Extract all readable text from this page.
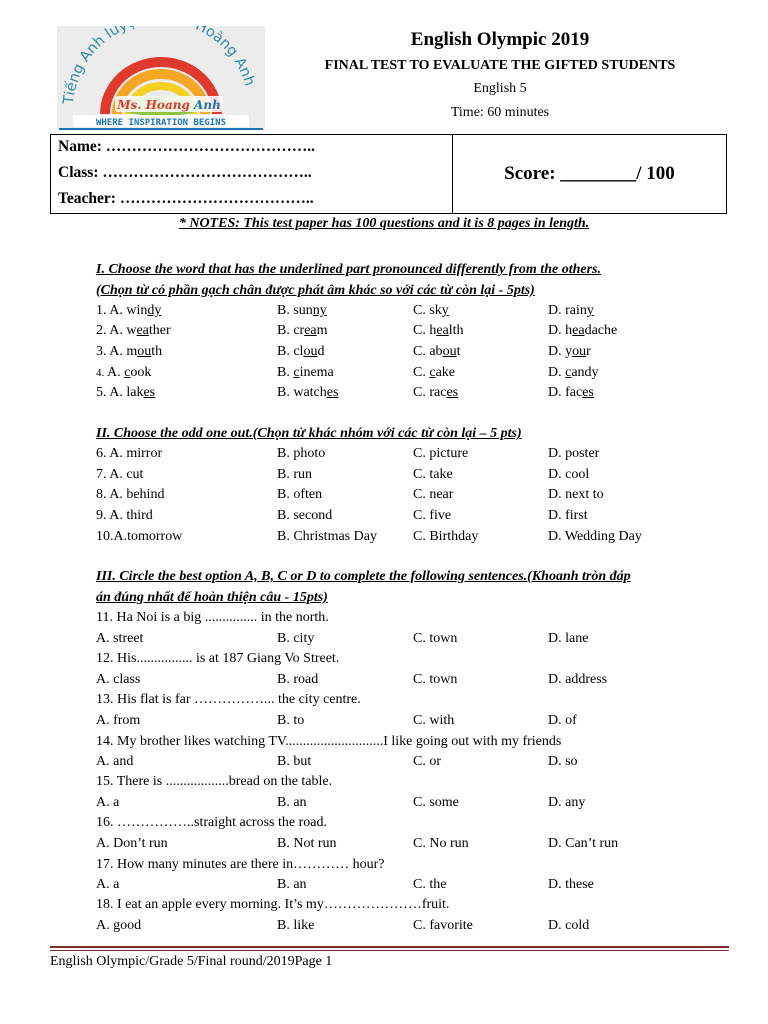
Tiếng Anh luy Hoàng Anh
Ms. Hoang Anh
WHERE INSPIRATION BEGINS
English Olympic 2019
FINAL TEST TO EVALUATE THE GIFTED STUDENTS
English 5
Time: 60 minutes
Name: …………………………………..
Class: …………………………………..
Teacher: ………………………………..
Score: ________/ 100
* NOTES: This test paper has 100 questions and it is 8 pages in length.
I. Choose the word that has the underlined part pronounced differently from the others.
(Chọn từ có phần gạch chân được phát âm khác so với các từ còn lại - 5pts)
1. A. windy	B. sunny	C. sky	D. rainy
2. A. weather	B. cream	C. health	D. headache
3. A. mouth	B. cloud	C. about	D. your
4. A. cook	B. cinema	C. cake	D. candy
5. A. lakes	B. watches	C. races	D. faces
II. Choose the odd one out.(Chọn từ khác nhóm với các từ còn lại – 5 pts)
6. A. mirror	B. photo	C. picture	D. poster
7. A. cut	B. run	C. take	D. cool
8. A. behind	B. often	C. near	D. next to
9. A. third	B. second	C. five	D. first
10.A.tomorrow	B. Christmas Day	C. Birthday	D. Wedding Day
III. Circle the best option A, B, C or D to complete the following sentences.(Khoanh tròn đáp
án đúng nhất để hoàn thiện câu - 15pts)
11. Ha Noi is a big ............... in the north.
A. street	B. city	C. town	D. lane
12. His................ is at 187 Giang Vo Street.
A. class	B. road	C. town	D. address
13. His flat is far ……………... the city centre.
A. from	B. to	C. with	D. of
14. My brother likes watching TV............................I like going out with my friends
A. and	B. but	C. or	D. so
15. There is ..................bread on the table.
A. a	B. an	C. some	D. any
16. ……………..straight across the road.
A. Don’t run	B. Not run	C. No run	D. Can’t run
17. How many minutes are there in………… hour?
A. a	B. an	C. the	D. these
18. I eat an apple every morning. It’s my…………………fruit.
A. good	B. like	C. favorite	D. cold
English Olympic/Grade 5/Final round/2019Page 1
